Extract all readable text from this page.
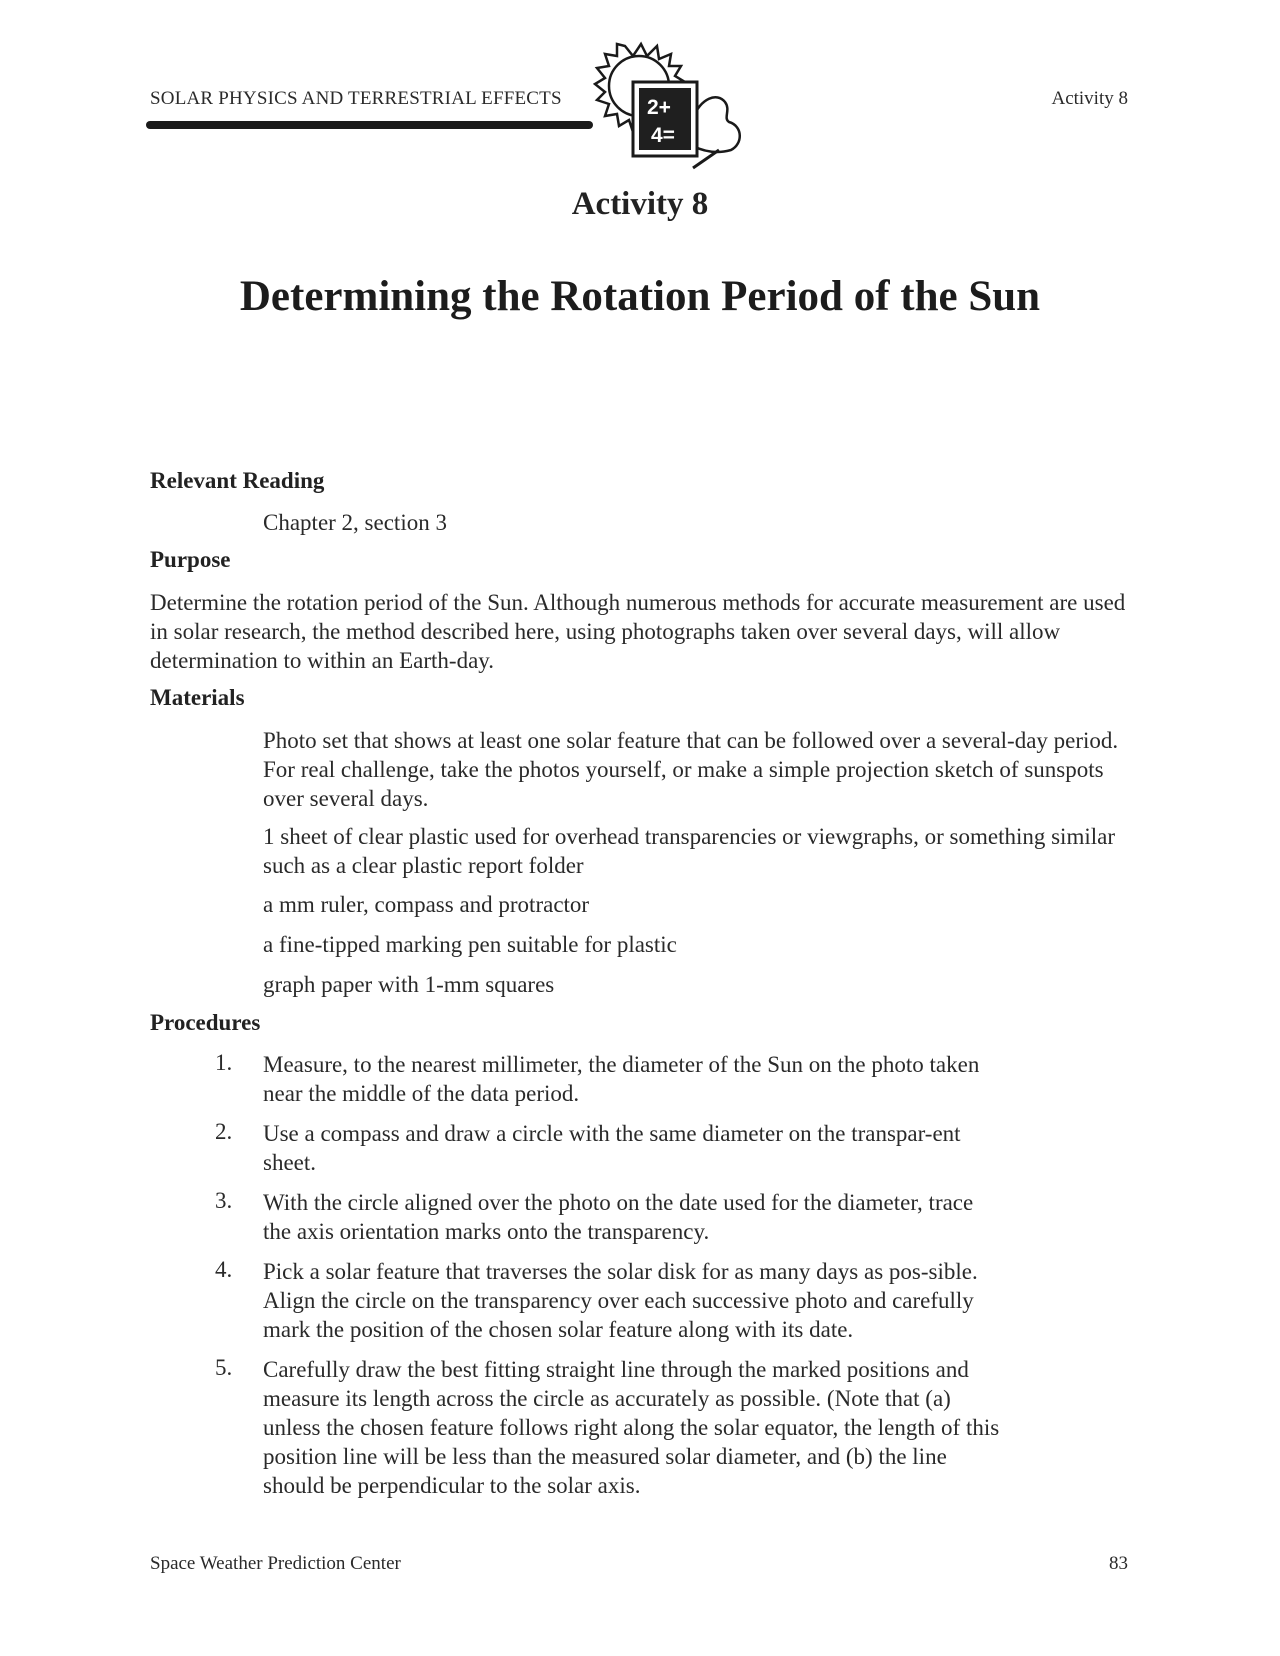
SOLAR PHYSICS AND TERRESTRIAL EFFECTS	Activity 8
2+
4=
Activity 8
Determining the Rotation Period of the Sun
Relevant Reading
Chapter 2, section 3
Purpose
Determine the rotation period of the Sun. Although numerous methods for accurate measurement are used in solar research, the method described here, using photographs taken over several days, will allow determination to within an Earth-day.
Materials
Photo set that shows at least one solar feature that can be followed over a several-day period. For real challenge, take the photos yourself, or make a simple projection sketch of sunspots over several days.
1 sheet of clear plastic used for overhead transparencies or viewgraphs, or something similar such as a clear plastic report folder
a mm ruler, compass and protractor
a fine-tipped marking pen suitable for plastic
graph paper with 1-mm squares
Procedures
1.	Measure, to the nearest millimeter, the diameter of the Sun on the photo taken near the middle of the data period.
2.	Use a compass and draw a circle with the same diameter on the transpar-ent sheet.
3.	With the circle aligned over the photo on the date used for the diameter, trace the axis orientation marks onto the transparency.
4.	Pick a solar feature that traverses the solar disk for as many days as pos-sible. Align the circle on the transparency over each successive photo and carefully mark the position of the chosen solar feature along with its date.
5.	Carefully draw the best fitting straight line through the marked positions and measure its length across the circle as accurately as possible. (Note that (a) unless the chosen feature follows right along the solar equator, the length of this position line will be less than the measured solar diameter, and (b) the line should be perpendicular to the solar axis.
Space Weather Prediction Center	83
